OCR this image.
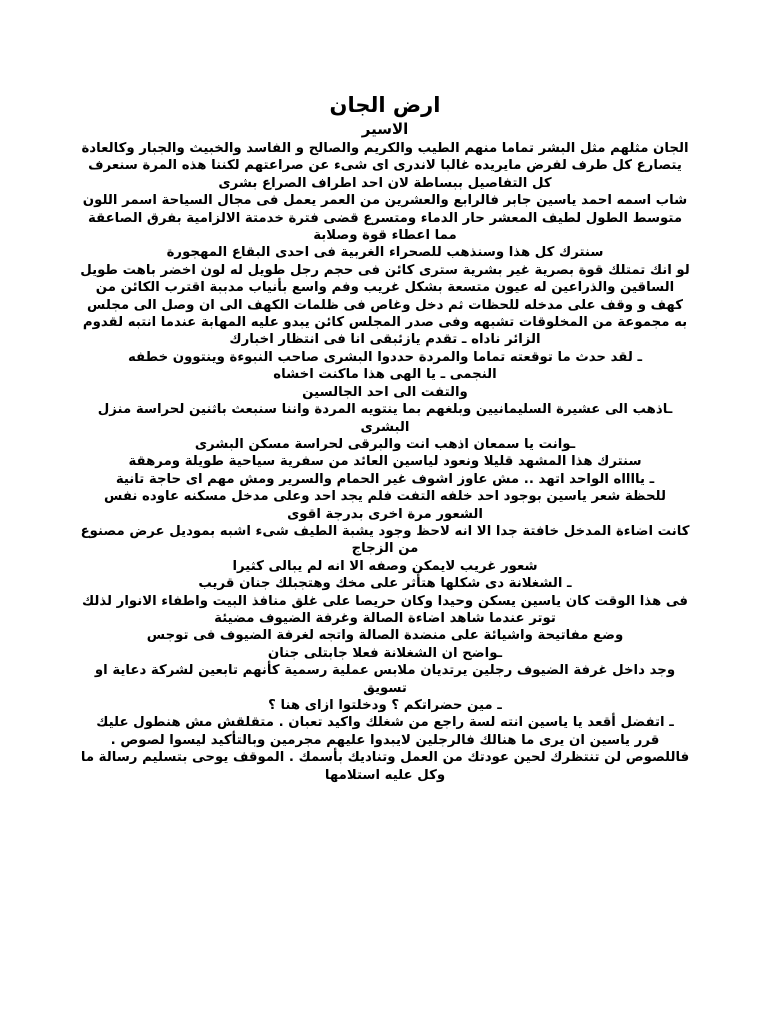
ارض الجان
الاسير

الجان مثلهم مثل البشر تماما منهم الطيب والكريم والصالح و الفاسد والخبيث والجبار وكالعادة يتصارع كل طرف لفرض مايريده غالبا لاندرى اى شىء عن صراعتهم لكننا هذه المرة سنعرف كل التفاصيل ببساطة لان احد اطراف الصراع بشرى

شاب اسمه احمد ياسين جابر فالرابع والعشرين من العمر يعمل فى مجال السياحة اسمر اللون متوسط الطول لطيف المعشر حار الدماء ومتسرع قضى فترة خدمتة الالزامية بفرق الصاعقة مما اعطاء قوة وصلابة

سنترك كل هذا وسنذهب للصحراء الغربية فى احدى البقاع المهجورة

لو انك تمتلك قوة بصرية غير بشرية سترى كائن فى حجم رجل طويل له لون اخضر باهت طويل الساقين والذراعين له عيون متسعة بشكل غريب وفم واسع بأنياب مدببة اقترب الكائن من كهف و وقف على مدخله للحظات ثم دخل وغاص فى ظلمات الكهف الى ان وصل الى مجلس به مجموعة من المخلوقات تشبهه وفى صدر المجلس كائن يبدو عليه المهابة عندما انتبه لقدوم الزائر ناداه ـ تقدم يازئبقى انا فى انتظار اخبارك

ـ لقد حدث ما توقعته تماما والمردة حددوا البشرى صاحب النبوءة وينتوون خطفه

النجمى ـ يا الهى هذا ماكنت اخشاه

والتفت الى احد الجالسين

ـاذهب الى عشيرة السليمانيين وبلغهم بما ينتويه المردة واننا سنبعث باثنين لحراسة منزل البشرى

ـوانت يا سمعان اذهب انت والبرقى لحراسة مسكن البشرى

سنترك هذا المشهد قليلا ونعود لياسين العائد من سفرية سياحية طويلة ومرهقة

ـ يااااه الواحد اتهد .. مش عاوز اشوف غير الحمام والسرير ومش مهم اى حاجة تانية

للحظة شعر ياسين بوجود احد خلفه التفت فلم يجد احد وعلى مدخل مسكنه عاوده نفس الشعور مرة اخرى بدرجة اقوى

كانت اضاءة المدخل خافتة جدا الا انه لاحظ وجود يشبة الطيف شىء اشبه بموديل عرض مصنوع من الزجاج

شعور غريب لايمكن وصفه الا انه لم يبالى كثيرا

ـ الشغلانة دى شكلها هتأثر على مخك وهتجبلك جنان قريب

فى هذا الوقت كان ياسين يسكن وحيدا وكان حريصا على غلق منافذ البيت واطفاء الانوار لذلك توتر عندما شاهد اضاءة الصالة وغرفة الضيوف مضيئة

وضع مفاتيحة واشيائة على منضدة الصالة واتجه لغرفة الضيوف فى توجس

ـواضح ان الشغلانة فعلا جابتلى جنان

وجد داخل غرفة الضيوف رجلين يرتديان ملابس عملية رسمية كأنهم تابعين لشركة دعاية او تسويق

ـ مين حضراتكم ؟ ودخلتوا ازاى هنا ؟

ـ اتفضل أقعد يا ياسين انته لسة راجع من شغلك واكيد تعبان . متقلقش مش هنطول عليك

قرر ياسين ان يرى ما هنالك فالرجلين لايبدوا عليهم مجرمين وبالتأكيد ليسوا لصوص .

فاللصوص لن تنتظرك لحين عودتك من العمل وتناديك بأسمك . الموقف يوحى بتسليم رسالة ما وكل عليه استلامها
